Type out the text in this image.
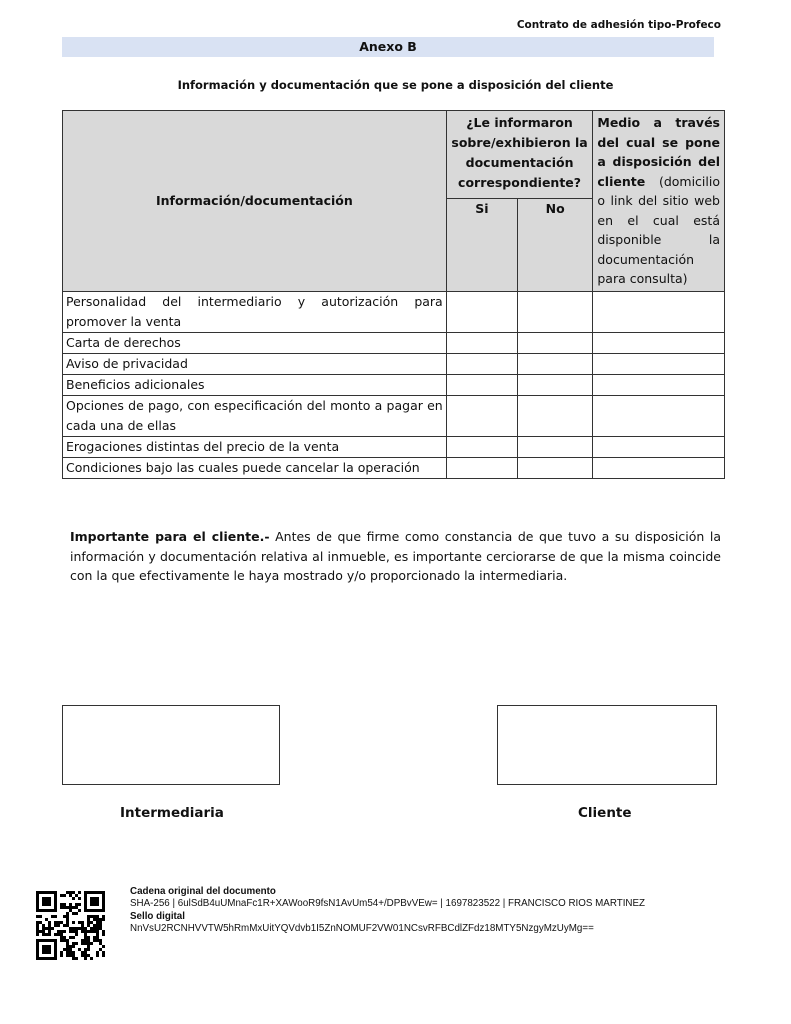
Contrato de adhesión tipo-Profeco
Anexo B
Información y documentación que se pone a disposición del cliente
Información/documentación	¿Le informaron sobre/exhibieron la documentación correspondiente?		Medio a través del cual se pone a disposición del cliente (domicilio o link del sitio web en el cual está disponible la documentación para consulta)
	Si	No	
Personalidad del intermediario y autorización para promover la venta			
Carta de derechos			
Aviso de privacidad			
Beneficios adicionales			
Opciones de pago, con especificación del monto a pagar en cada una de ellas			
Erogaciones distintas del precio de la venta			
Condiciones bajo las cuales puede cancelar la operación			
Importante para el cliente.- Antes de que firme como constancia de que tuvo a su disposición la información y documentación relativa al inmueble, es importante cerciorarse de que la misma coincide con la que efectivamente le haya mostrado y/o proporcionado la intermediaria.
Intermediaria	Cliente
Cadena original del documento
SHA-256 | 6ulSdB4uUMnaFc1R+XAWooR9fsN1AvUm54+/DPBvVEw= | 1697823522 | FRANCISCO RIOS MARTINEZ
Sello digital
NnVsU2RCNHVVTW5hRmMxUitYQVdvb1I5ZnNOMUF2VW01NCsvRFBCdlZFdz18MTY5NzgyMzUyMg==
